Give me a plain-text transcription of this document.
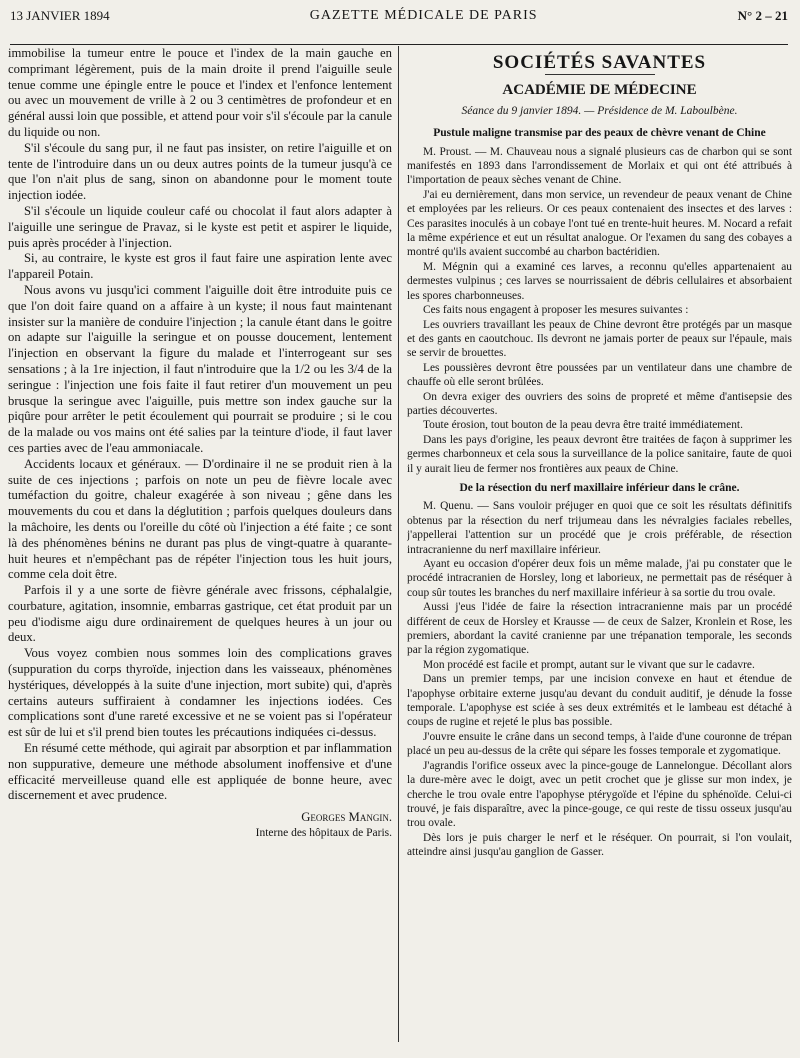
13 JANVIER 1894	GAZETTE MÉDICALE DE PARIS	N° 2 – 21

immobilise la tumeur entre le pouce et l'index de la main gauche en comprimant légèrement, puis de la main droite il prend l'aiguille seule tenue comme une épingle entre le pouce et l'index et l'enfonce lentement ou avec un mouvement de vrille à 2 ou 3 centimètres de profondeur et en général aussi loin que possible, et attend pour voir s'il s'écoule par la canule du liquide ou non.

S'il s'écoule du sang pur, il ne faut pas insister, on retire l'aiguille et on tente de l'introduire dans un ou deux autres points de la tumeur jusqu'à ce que l'on n'ait plus de sang, sinon on abandonne pour le moment toute injection iodée.

S'il s'écoule un liquide couleur café ou chocolat il faut alors adapter à l'aiguille une seringue de Pravaz, si le kyste est petit et aspirer le liquide, puis après procéder à l'injection.

Si, au contraire, le kyste est gros il faut faire une aspiration lente avec l'appareil Potain.

Nous avons vu jusqu'ici comment l'aiguille doit être introduite puis ce que l'on doit faire quand on a affaire à un kyste; il nous faut maintenant insister sur la manière de conduire l'injection ; la canule étant dans le goitre on adapte sur l'aiguille la seringue et on pousse doucement, lentement l'injection en observant la figure du malade et l'interrogeant sur ses sensations ; à la 1re injection, il faut n'introduire que la 1/2 ou les 3/4 de la seringue : l'injection une fois faite il faut retirer d'un mouvement un peu brusque la seringue avec l'aiguille, puis mettre son index gauche sur la piqûre pour arrêter le petit écoulement qui pourrait se produire ; si le cou de la malade ou vos mains ont été salies par la teinture d'iode, il faut laver ces parties avec de l'eau ammoniacale.

Accidents locaux et généraux. — D'ordinaire il ne se produit rien à la suite de ces injections ; parfois on note un peu de fièvre locale avec tuméfaction du goitre, chaleur exagérée à son niveau ; gêne dans les mouvements du cou et dans la déglutition ; parfois quelques douleurs dans la mâchoire, les dents ou l'oreille du côté où l'injection a été faite ; ce sont là des phénomènes bénins ne durant pas plus de vingt-quatre à quarante-huit heures et n'empêchant pas de répéter l'injection tous les huit jours, comme cela doit être.

Parfois il y a une sorte de fièvre générale avec frissons, céphalalgie, courbature, agitation, insomnie, embarras gastrique, cet état produit par un peu d'iodisme aigu dure ordinairement de quelques heures à un jour ou deux.

Vous voyez combien nous sommes loin des complications graves (suppuration du corps thyroïde, injection dans les vaisseaux, phénomènes hystériques, développés à la suite d'une injection, mort subite) qui, d'après certains auteurs suffiraient à condamner les injections iodées. Ces complications sont d'une rareté excessive et ne se voient pas si l'opérateur est sûr de lui et s'il prend bien toutes les précautions indiquées ci-dessus.

En résumé cette méthode, qui agirait par absorption et par inflammation non suppurative, demeure une méthode absolument inoffensive et d'une efficacité merveilleuse quand elle est appliquée de bonne heure, avec discernement et avec prudence.

Georges Mangin.
Interne des hôpitaux de Paris.
SOCIÉTÉS SAVANTES
ACADÉMIE DE MÉDECINE
Séance du 9 janvier 1894. — Présidence de M. Laboulbène.
Pustule maligne transmise par des peaux de chèvre venant de Chine

M. Proust. — M. Chauveau nous a signalé plusieurs cas de charbon qui se sont manifestés en 1893 dans l'arrondissement de Morlaix et qui ont été attribués à l'importation de peaux sèches venant de Chine.

J'ai eu dernièrement, dans mon service, un revendeur de peaux venant de Chine et employées par les relieurs. Or ces peaux contenaient des insectes et des larves : Ces parasites inoculés à un cobaye l'ont tué en trente-huit heures. M. Nocard a refait la même expérience et eut un résultat analogue. Or l'examen du sang des cobayes a montré qu'ils avaient succombé au charbon bactéridien.

M. Mégnin qui a examiné ces larves, a reconnu qu'elles appartenaient au dermestes vulpinus ; ces larves se nourrissaient de débris cellulaires et absorbaient les spores charbonneuses.

Ces faits nous engagent à proposer les mesures suivantes :

Les ouvriers travaillant les peaux de Chine devront être protégés par un masque et des gants en caoutchouc. Ils devront ne jamais porter de peaux sur l'épaule, mais se servir de brouettes.

Les poussières devront être poussées par un ventilateur dans une chambre de chauffe où elle seront brûlées.

On devra exiger des ouvriers des soins de propreté et même d'antisepsie des parties découvertes.

Toute érosion, tout bouton de la peau devra être traité immédiatement.

Dans les pays d'origine, les peaux devront être traitées de façon à supprimer les germes charbonneux et cela sous la surveillance de la police sanitaire, faute de quoi il y aurait lieu de fermer nos frontières aux peaux de Chine.

De la résection du nerf maxillaire inférieur dans le crâne.

M. Quenu. — Sans vouloir préjuger en quoi que ce soit les résultats définitifs obtenus par la résection du nerf trijumeau dans les névralgies faciales rebelles, j'appellerai l'attention sur un procédé que je crois préférable, de résection intracranienne du nerf maxillaire inférieur.

Ayant eu occasion d'opérer deux fois un même malade, j'ai pu constater que le procédé intracranien de Horsley, long et laborieux, ne permettait pas de réséquer à coup sûr toutes les branches du nerf maxillaire inférieur à sa sortie du trou ovale.

Aussi j'eus l'idée de faire la résection intracranienne mais par un procédé différent de ceux de Horsley et Krausse — de ceux de Salzer, Kronlein et Rose, les premiers, abordant la cavité cranienne par une trépanation temporale, les seconds par la région zygomatique.

Mon procédé est facile et prompt, autant sur le vivant que sur le cadavre.

Dans un premier temps, par une incision convexe en haut et étendue de l'apophyse orbitaire externe jusqu'au devant du conduit auditif, je dénude la fosse temporale. L'apophyse est sciée à ses deux extrémités et le lambeau est détaché à coups de rugine et rejeté le plus bas possible.

J'ouvre ensuite le crâne dans un second temps, à l'aide d'une couronne de trépan placé un peu au-dessus de la crête qui sépare les fosses temporale et zygomatique.

J'agrandis l'orifice osseux avec la pince-gouge de Lannelongue. Décollant alors la dure-mère avec le doigt, avec un petit crochet que je glisse sur mon index, je cherche le trou ovale entre l'apophyse ptérygoïde et l'épine du sphénoïde. Celui-ci trouvé, je fais disparaître, avec la pince-gouge, ce qui reste de tissu osseux jusqu'au trou ovale.

Dès lors je puis charger le nerf et le réséquer. On pourrait, si l'on voulait, atteindre ainsi jusqu'au ganglion de Gasser.
